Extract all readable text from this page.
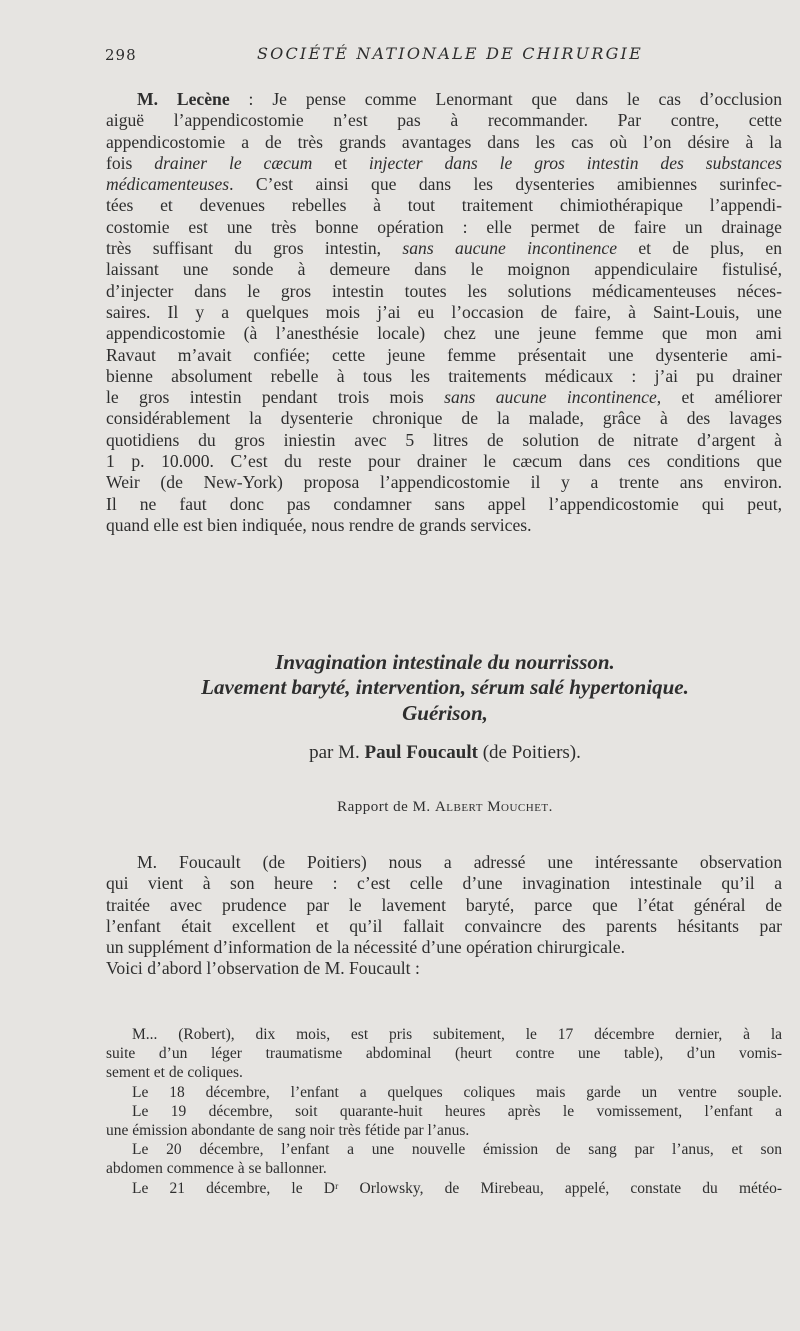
298	SOCIÉTÉ NATIONALE DE CHIRURGIE
M. Lecène : Je pense comme Lenormant que dans le cas d’occlusion
aiguë l’appendicostomie n’est pas à recommander. Par contre, cette
appendicostomie a de très grands avantages dans les cas où l’on désire à la
fois drainer le cæcum et injecter dans le gros intestin des substances
médicamenteuses. C’est ainsi que dans les dysenteries amibiennes surinfec-
tées et devenues rebelles à tout traitement chimiothérapique l’appendi-
costomie est une très bonne opération : elle permet de faire un drainage
très suffisant du gros intestin, sans aucune incontinence et de plus, en
laissant une sonde à demeure dans le moignon appendiculaire fistulisé,
d’injecter dans le gros intestin toutes les solutions médicamenteuses néces-
saires. Il y a quelques mois j’ai eu l’occasion de faire, à Saint-Louis, une
appendicostomie (à l’anesthésie locale) chez une jeune femme que mon ami
Ravaut m’avait confiée; cette jeune femme présentait une dysenterie ami-
bienne absolument rebelle à tous les traitements médicaux : j’ai pu drainer
le gros intestin pendant trois mois sans aucune incontinence, et améliorer
considérablement la dysenterie chronique de la malade, grâce à des lavages
quotidiens du gros iniestin avec 5 litres de solution de nitrate d’argent à
1 p. 10.000. C’est du reste pour drainer le cæcum dans ces conditions que
Weir (de New-York) proposa l’appendicostomie il y a trente ans environ.
Il ne faut donc pas condamner sans appel l’appendicostomie qui peut,
quand elle est bien indiquée, nous rendre de grands services.
Invagination intestinale du nourrisson.
Lavement baryté, intervention, sérum salé hypertonique.
Guérison,
par M. Paul Foucault (de Poitiers).
Rapport de M. Albert Mouchet.
M. Foucault (de Poitiers) nous a adressé une intéressante observation
qui vient à son heure : c’est celle d’une invagination intestinale qu’il a
traitée avec prudence par le lavement baryté, parce que l’état général de
l’enfant était excellent et qu’il fallait convaincre des parents hésitants par
un supplément d’information de la nécessité d’une opération chirurgicale.
Voici d’abord l’observation de M. Foucault :
M... (Robert), dix mois, est pris subitement, le 17 décembre dernier, à la
suite d’un léger traumatisme abdominal (heurt contre une table), d’un vomis-
sement et de coliques.
Le 18 décembre, l’enfant a quelques coliques mais garde un ventre souple.
Le 19 décembre, soit quarante-huit heures après le vomissement, l’enfant a
une émission abondante de sang noir très fétide par l’anus.
Le 20 décembre, l’enfant a une nouvelle émission de sang par l’anus, et son
abdomen commence à se ballonner.
Le 21 décembre, le Dʳ Orlowsky, de Mirebeau, appelé, constate du météo-
